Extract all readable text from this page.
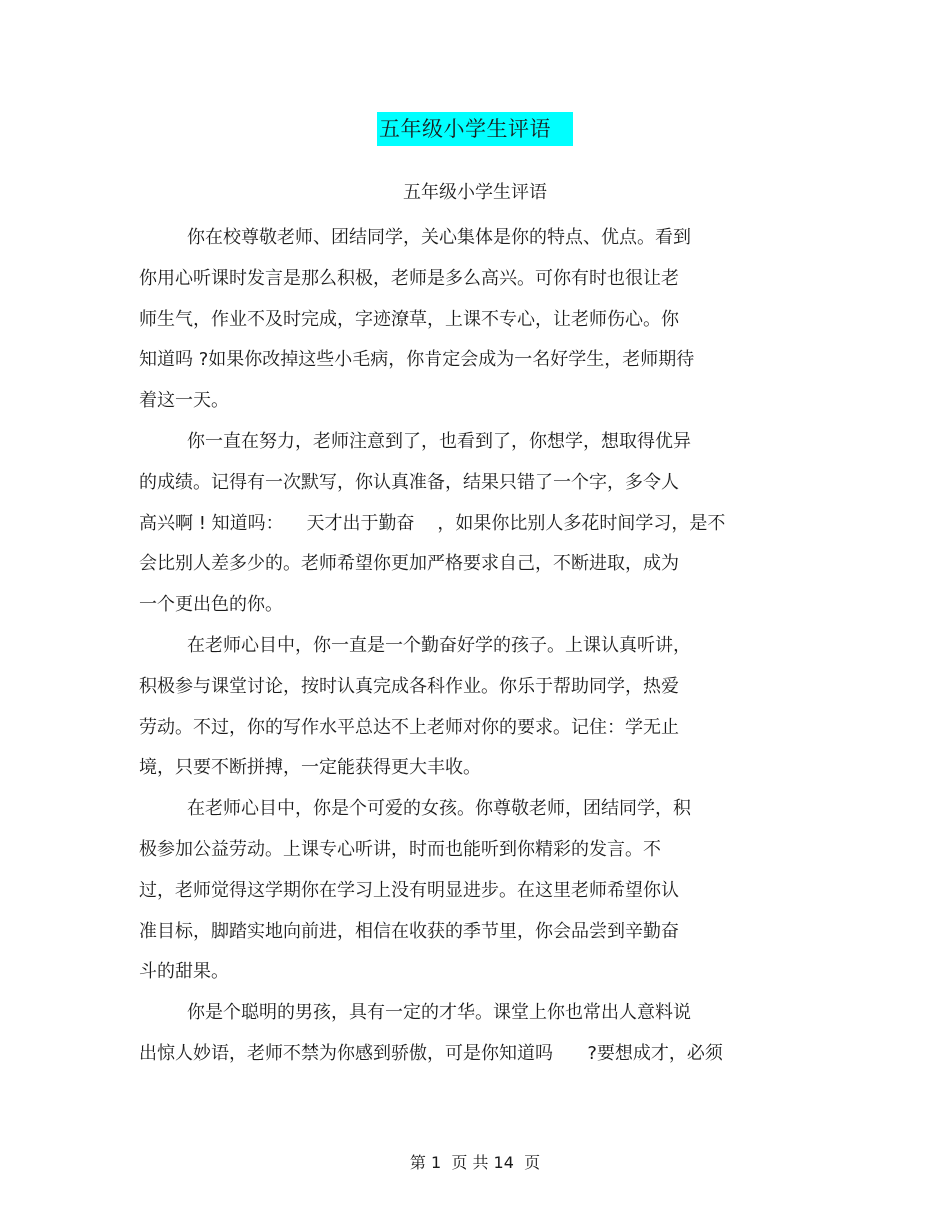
五年级小学生评语
五年级小学生评语
你在校尊敬老师、团结同学，关心集体是你的特点、优点。看到
你用心听课时发言是那么积极，老师是多么高兴。可你有时也很让老
师生气，作业不及时完成，字迹潦草，上课不专心，让老师伤心。你
知道吗 ?如果你改掉这些小毛病，你肯定会成为一名好学生，老师期待
着这一天。
你一直在努力，老师注意到了，也看到了，你想学，想取得优异
的成绩。记得有一次默写，你认真准备，结果只错了一个字，多令人
高兴啊 ! 知道吗：    天才出于勤奋    ，如果你比别人多花时间学习，是不
会比别人差多少的。老师希望你更加严格要求自己，不断进取，成为
一个更出色的你。
在老师心目中，你一直是一个勤奋好学的孩子。上课认真听讲，
积极参与课堂讨论，按时认真完成各科作业。你乐于帮助同学，热爱
劳动。不过，你的写作水平总达不上老师对你的要求。记住：学无止
境，只要不断拼搏，一定能获得更大丰收。
在老师心目中，你是个可爱的女孩。你尊敬老师，团结同学，积
极参加公益劳动。上课专心听讲，时而也能听到你精彩的发言。不
过，老师觉得这学期你在学习上没有明显进步。在这里老师希望你认
准目标，脚踏实地向前进，相信在收获的季节里，你会品尝到辛勤奋
斗的甜果。
你是个聪明的男孩，具有一定的才华。课堂上你也常出人意料说
出惊人妙语，老师不禁为你感到骄傲，可是你知道吗      ?要想成才，必须
第 1  页 共 14  页
